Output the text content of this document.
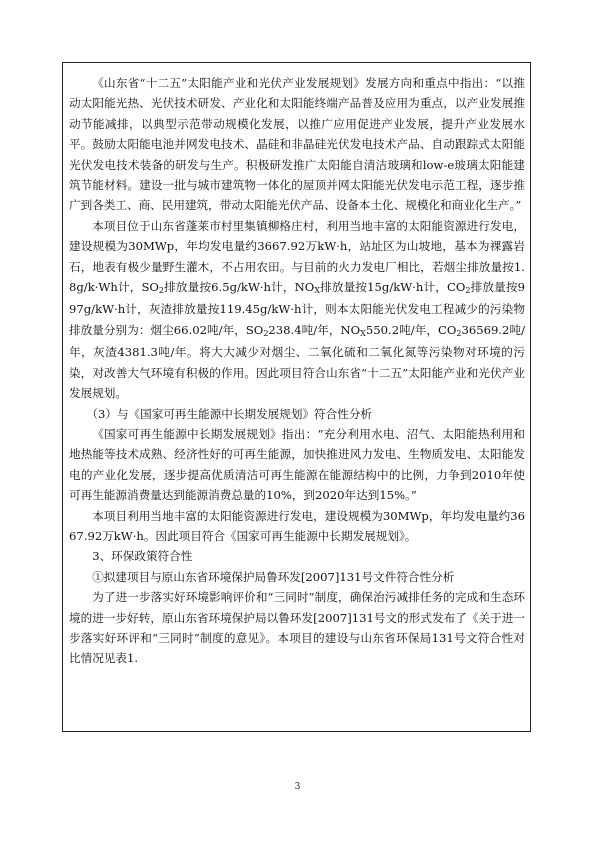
《山东省“十二五”太阳能产业和光伏产业发展规划》发展方向和重点中指出：“以推动太阳能光热、光伏技术研发、产业化和太阳能终端产品普及应用为重点，以产业发展推动节能减排，以典型示范带动规模化发展，以推广应用促进产业发展，提升产业发展水平。鼓励太阳能电池并网发电技术、晶硅和非晶硅光伏发电技术产品、自动跟踪式太阳能光伏发电技术装备的研发与生产。积极研发推广太阳能自清洁玻璃和low-e玻璃太阳能建筑节能材料。建设一批与城市建筑物一体化的屋顶并网太阳能光伏发电示范工程，逐步推广到各类工、商、民用建筑，带动太阳能光伏产品、设备本土化、规模化和商业化生产。”

本项目位于山东省蓬莱市村里集镇柳格庄村，利用当地丰富的太阳能资源进行发电，建设规模为30MWp，年均发电量约3667.92万kW·h，站址区为山坡地，基本为裸露岩石，地表有极少量野生灌木，不占用农田。与目前的火力发电厂相比，若烟尘排放量按1.8g/k·Wh计，$SO_2$排放量按6.5g/kW·h计，$NO_X$排放量按15g/kW·h计，$CO_2$排放量按997g/kW·h计，灰渣排放量按119.45g/kW·h计，则本太阳能光伏发电工程减少的污染物排放量分别为：烟尘66.02吨/年，$SO_2238.4$吨/年，$NO_X550.2$吨/年，$CO_236569.2$吨/年，灰渣4381.3吨/年。将大大减少对烟尘、二氧化硫和二氧化氮等污染物对环境的污染，对改善大气环境有积极的作用。因此项目符合山东省“十二五”太阳能产业和光伏产业发展规划。

（3）与《国家可再生能源中长期发展规划》符合性分析

《国家可再生能源中长期发展规划》指出：“充分利用水电、沼气、太阳能热利用和地热能等技术成熟、经济性好的可再生能源，加快推进风力发电、生物质发电、太阳能发电的产业化发展，逐步提高优质清洁可再生能源在能源结构中的比例，力争到2010年使可再生能源消费量达到能源消费总量的10%，到2020年达到15%。”

本项目利用当地丰富的太阳能资源进行发电，建设规模为30MWp，年均发电量约3667.92万kW·h。因此项目符合《国家可再生能源中长期发展规划》。

3、环保政策符合性

①拟建项目与原山东省环境保护局鲁环发[2007]131号文件符合性分析

为了进一步落实好环境影响评价和“三同时”制度，确保治污减排任务的完成和生态环境的进一步好转，原山东省环境保护局以鲁环发[2007]131号文的形式发布了《关于进一步落实好环评和“三同时”制度的意见》。本项目的建设与山东省环保局131号文符合性对比情况见表1.

3
